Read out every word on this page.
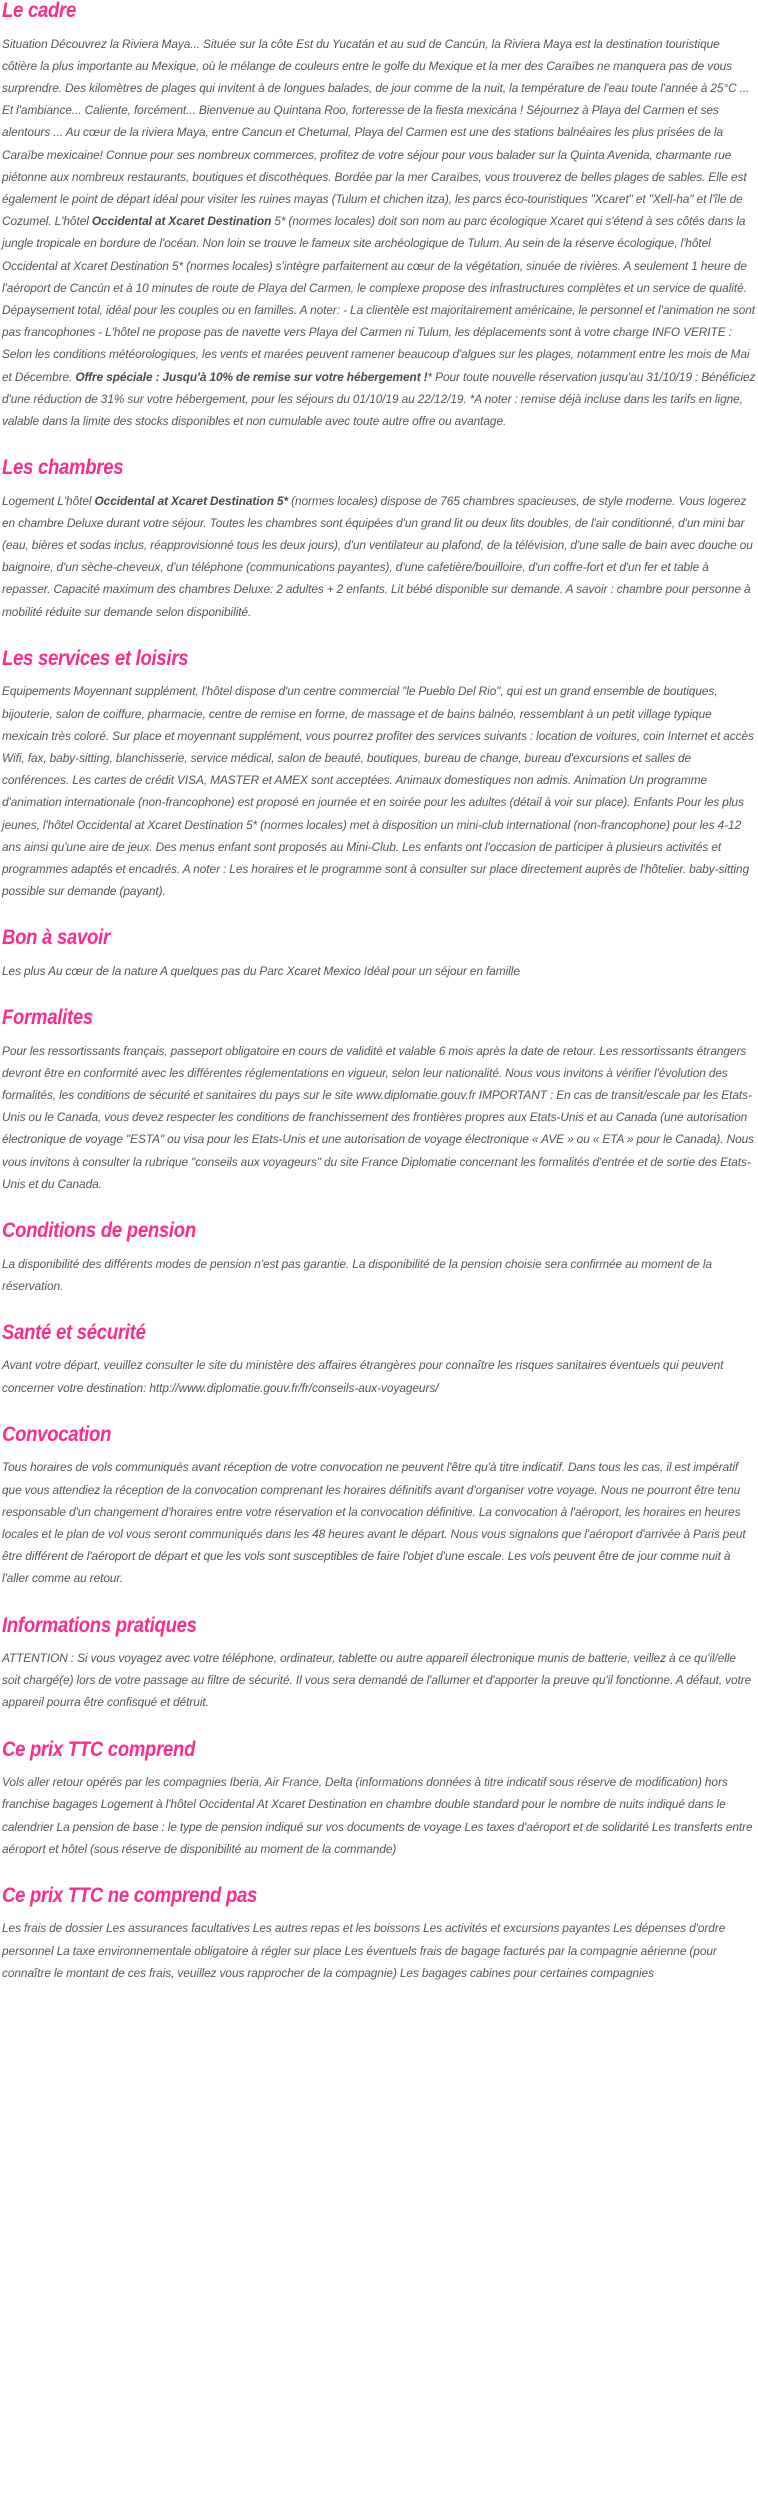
Le cadre

Situation Découvrez la Riviera Maya... Située sur la côte Est du Yucatán et au sud de Cancún, la Riviera Maya est la destination touristique côtière la plus importante au Mexique, où le mélange de couleurs entre le golfe du Mexique et la mer des Caraïbes ne manquera pas de vous surprendre. Des kilomètres de plages qui invitent à de longues balades, de jour comme de la nuit, la température de l'eau toute l'année à 25°C ... Et l'ambiance... Caliente, forcément... Bienvenue au Quintana Roo, forteresse de la fiesta mexicána ! Séjournez à Playa del Carmen et ses alentours ... Au cœur de la riviera Maya, entre Cancun et Chetumal, Playa del Carmen est une des stations balnéaires les plus prisées de la Caraïbe mexicaine! Connue pour ses nombreux commerces, profitez de votre séjour pour vous balader sur la Quinta Avenida, charmante rue piétonne aux nombreux restaurants, boutiques et discothèques. Bordée par la mer Caraïbes, vous trouverez de belles plages de sables. Elle est également le point de départ idéal pour visiter les ruines mayas (Tulum et chichen itza), les parcs éco-touristiques "Xcaret" et "Xell-ha" et l'île de Cozumel. L'hôtel Occidental at Xcaret Destination 5* (normes locales) doit son nom au parc écologique Xcaret qui s'étend à ses côtés dans la jungle tropicale en bordure de l'océan. Non loin se trouve le fameux site archéologique de Tulum. Au sein de la réserve écologique, l'hôtel Occidental at Xcaret Destination 5* (normes locales) s'intègre parfaitement au cœur de la végétation, sinuée de rivières. A seulement 1 heure de l'aéroport de Cancún et à 10 minutes de route de Playa del Carmen, le complexe propose des infrastructures complètes et un service de qualité. Dépaysement total, idéal pour les couples ou en familles. A noter: - La clientèle est majoritairement américaine, le personnel et l'animation ne sont pas francophones - L'hôtel ne propose pas de navette vers Playa del Carmen ni Tulum, les déplacements sont à votre charge INFO VERITE : Selon les conditions météorologiques, les vents et marées peuvent ramener beaucoup d'algues sur les plages, notamment entre les mois de Mai et Décembre. Offre spéciale : Jusqu'à 10% de remise sur votre hébergement !* Pour toute nouvelle réservation jusqu'au 31/10/19 : Bénéficiez d'une réduction de 31% sur votre hébergement, pour les séjours du 01/10/19 au 22/12/19. *A noter : remise déjà incluse dans les tarifs en ligne, valable dans la limite des stocks disponibles et non cumulable avec toute autre offre ou avantage.

Les chambres

Logement L'hôtel Occidental at Xcaret Destination 5* (normes locales) dispose de 765 chambres spacieuses, de style moderne. Vous logerez en chambre Deluxe durant votre séjour. Toutes les chambres sont équipées d'un grand lit ou deux lits doubles, de l'air conditionné, d'un mini bar (eau, bières et sodas inclus, réapprovisionné tous les deux jours), d'un ventilateur au plafond, de la télévision, d'une salle de bain avec douche ou baignoire, d'un sèche-cheveux, d'un téléphone (communications payantes), d'une cafetière/bouilloire, d'un coffre-fort et d'un fer et table à repasser. Capacité maximum des chambres Deluxe: 2 adultes + 2 enfants. Lit bébé disponible sur demande. A savoir : chambre pour personne à mobilité réduite sur demande selon disponibilité.

Les services et loisirs

Equipements Moyennant supplément, l'hôtel dispose d'un centre commercial "le Pueblo Del Rio", qui est un grand ensemble de boutiques, bijouterie, salon de coiffure, pharmacie, centre de remise en forme, de massage et de bains balnéo, ressemblant à un petit village typique mexicain très coloré. Sur place et moyennant supplément, vous pourrez profiter des services suivants : location de voitures, coin Internet et accès Wifi, fax, baby-sitting, blanchisserie, service médical, salon de beauté, boutiques, bureau de change, bureau d'excursions et salles de conférences. Les cartes de crédit VISA, MASTER et AMEX sont acceptées. Animaux domestiques non admis. Animation Un programme d'animation internationale (non-francophone) est proposé en journée et en soirée pour les adultes (détail à voir sur place). Enfants Pour les plus jeunes, l'hôtel Occidental at Xcaret Destination 5* (normes locales) met à disposition un mini-club international (non-francophone) pour les 4-12 ans ainsi qu'une aire de jeux. Des menus enfant sont proposés au Mini-Club. Les enfants ont l'occasion de participer à plusieurs activités et programmes adaptés et encadrés. A noter : Les horaires et le programme sont à consulter sur place directement auprès de l'hôtelier. baby-sitting possible sur demande (payant).

Bon à savoir

Les plus Au cœur de la nature A quelques pas du Parc Xcaret Mexico Idéal pour un séjour en famille

Formalites

Pour les ressortissants français, passeport obligatoire en cours de validité et valable 6 mois après la date de retour. Les ressortissants étrangers devront être en conformité avec les différentes réglementations en vigueur, selon leur nationalité. Nous vous invitons à vérifier l'évolution des formalités, les conditions de sécurité et sanitaires du pays sur le site www.diplomatie.gouv.fr IMPORTANT : En cas de transit/escale par les Etats-Unis ou le Canada, vous devez respecter les conditions de franchissement des frontières propres aux Etats-Unis et au Canada (une autorisation électronique de voyage "ESTA" ou visa pour les Etats-Unis et une autorisation de voyage électronique « AVE » ou « ETA » pour le Canada). Nous vous invitons à consulter la rubrique "conseils aux voyageurs" du site France Diplomatie concernant les formalités d'entrée et de sortie des Etats-Unis et du Canada.

Conditions de pension

La disponibilité des différents modes de pension n'est pas garantie. La disponibilité de la pension choisie sera confirmée au moment de la réservation.

Santé et sécurité

Avant votre départ, veuillez consulter le site du ministère des affaires étrangères pour connaître les risques sanitaires éventuels qui peuvent concerner votre destination: http://www.diplomatie.gouv.fr/fr/conseils-aux-voyageurs/

Convocation

Tous horaires de vols communiqués avant réception de votre convocation ne peuvent l'être qu'à titre indicatif. Dans tous les cas, il est impératif que vous attendiez la réception de la convocation comprenant les horaires définitifs avant d'organiser votre voyage. Nous ne pourront être tenu responsable d'un changement d'horaires entre votre réservation et la convocation définitive. La convocation à l'aéroport, les horaires en heures locales et le plan de vol vous seront communiqués dans les 48 heures avant le départ. Nous vous signalons que l'aéroport d'arrivée à Paris peut être différent de l'aéroport de départ et que les vols sont susceptibles de faire l'objet d'une escale. Les vols peuvent être de jour comme nuit à l'aller comme au retour.

Informations pratiques

ATTENTION : Si vous voyagez avec votre téléphone, ordinateur, tablette ou autre appareil électronique munis de batterie, veillez à ce qu'il/elle soit chargé(e) lors de votre passage au filtre de sécurité. Il vous sera demandé de l'allumer et d'apporter la preuve qu'il fonctionne. A défaut, votre appareil pourra être confisqué et détruit.

Ce prix TTC comprend

Vols aller retour opérés par les compagnies Iberia, Air France, Delta (informations données à titre indicatif sous réserve de modification) hors franchise bagages Logement à l'hôtel Occidental At Xcaret Destination en chambre double standard pour le nombre de nuits indiqué dans le calendrier La pension de base : le type de pension indiqué sur vos documents de voyage Les taxes d'aéroport et de solidarité Les transferts entre aéroport et hôtel (sous réserve de disponibilité au moment de la commande)

Ce prix TTC ne comprend pas

Les frais de dossier Les assurances facultatives Les autres repas et les boissons Les activités et excursions payantes Les dépenses d'ordre personnel La taxe environnementale obligatoire à régler sur place Les éventuels frais de bagage facturés par la compagnie aérienne (pour connaître le montant de ces frais, veuillez vous rapprocher de la compagnie) Les bagages cabines pour certaines compagnies
